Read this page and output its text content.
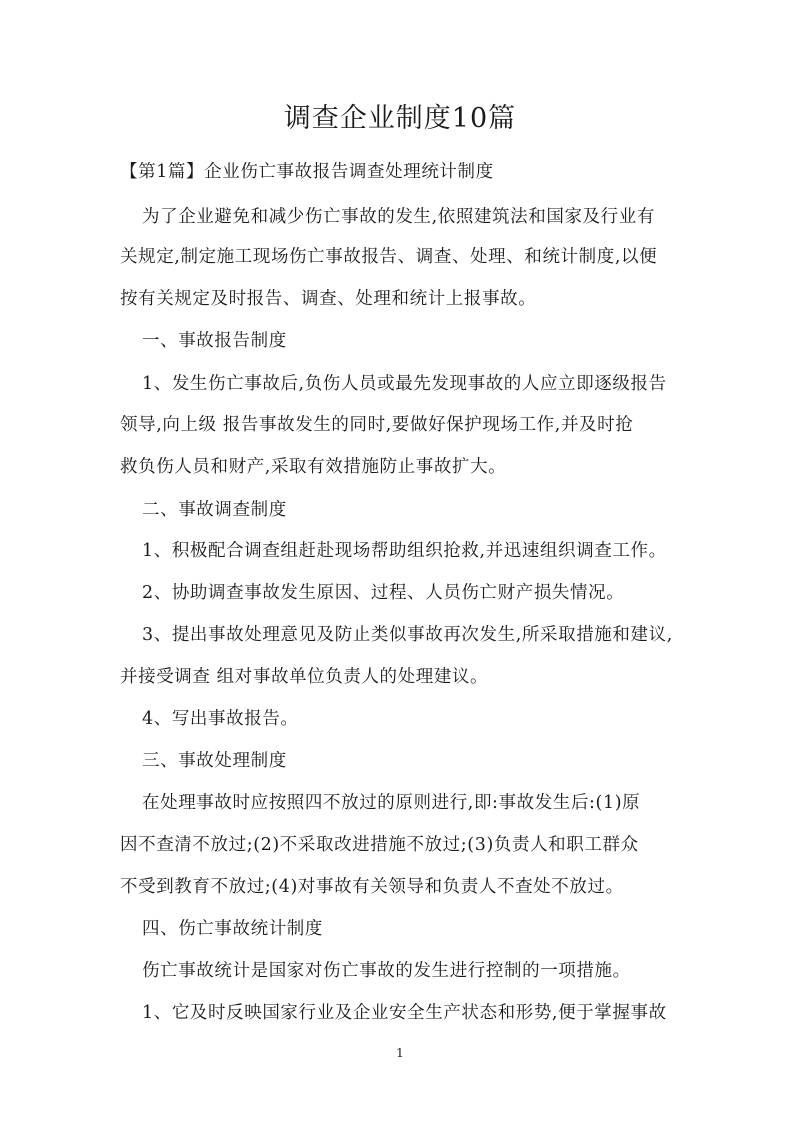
调查企业制度10篇
【第1篇】企业伤亡事故报告调查处理统计制度
为了企业避免和减少伤亡事故的发生,依照建筑法和国家及行业有
关规定,制定施工现场伤亡事故报告、调查、处理、和统计制度,以便
按有关规定及时报告、调查、处理和统计上报事故。
一、事故报告制度
1、发生伤亡事故后,负伤人员或最先发现事故的人应立即逐级报告
领导,向上级 报告事故发生的同时,要做好保护现场工作,并及时抢
救负伤人员和财产,采取有效措施防止事故扩大。
二、事故调查制度
1、积极配合调查组赶赴现场帮助组织抢救,并迅速组织调查工作。
2、协助调查事故发生原因、过程、人员伤亡财产损失情况。
3、提出事故处理意见及防止类似事故再次发生,所采取措施和建议,
并接受调查 组对事故单位负责人的处理建议。
4、写出事故报告。
三、事故处理制度
在处理事故时应按照四不放过的原则进行,即:事故发生后:(1)原
因不查清不放过;(2)不采取改进措施不放过;(3)负责人和职工群众
不受到教育不放过;(4)对事故有关领导和负责人不查处不放过。
四、伤亡事故统计制度
伤亡事故统计是国家对伤亡事故的发生进行控制的一项措施。
1、它及时反映国家行业及企业安全生产状态和形势,便于掌握事故
1
